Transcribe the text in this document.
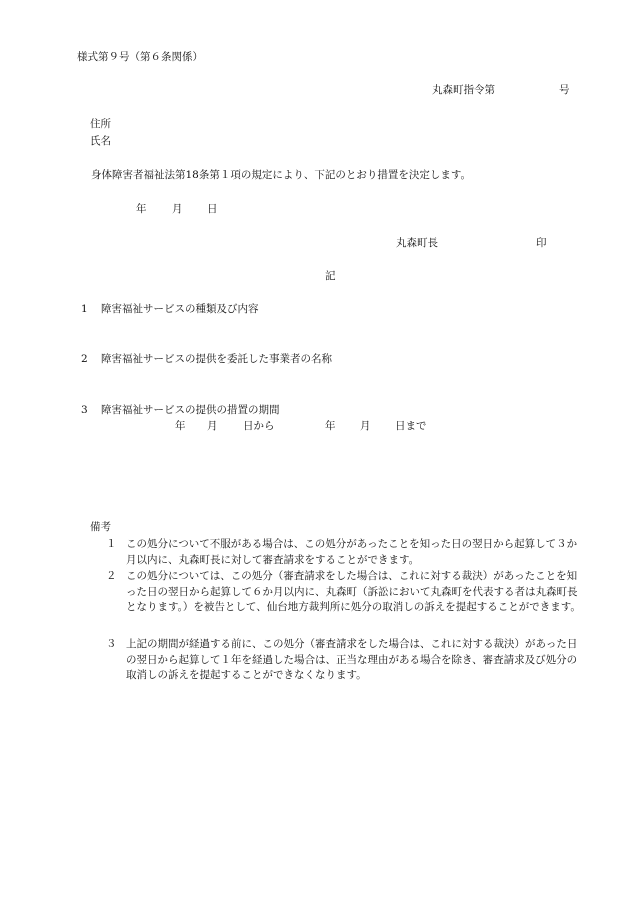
様式第９号（第６条関係）
丸森町指令第	号
住所
氏名
身体障害者福祉法第18条第１項の規定により、下記のとおり措置を決定します。
年 月 日
丸森町長	印
記
1 障害福祉サービスの種類及び内容
2 障害福祉サービスの提供を委託した事業者の名称
3 障害福祉サービスの提供の措置の期間
年 月 日から	年 月 日まで
備考
１ この処分について不服がある場合は、この処分があったことを知った日の翌日から起算して３か月以内に、丸森町長に対して審査請求をすることができます。
２ この処分については、この処分（審査請求をした場合は、これに対する裁決）があったことを知った日の翌日から起算して６か月以内に、丸森町（訴訟において丸森町を代表する者は丸森町長となります。）を被告として、仙台地方裁判所に処分の取消しの訴えを提起することができます。
３ 上記の期間が経過する前に、この処分（審査請求をした場合は、これに対する裁決）があった日の翌日から起算して１年を経過した場合は、正当な理由がある場合を除き、審査請求及び処分の取消しの訴えを提起することができなくなります。
